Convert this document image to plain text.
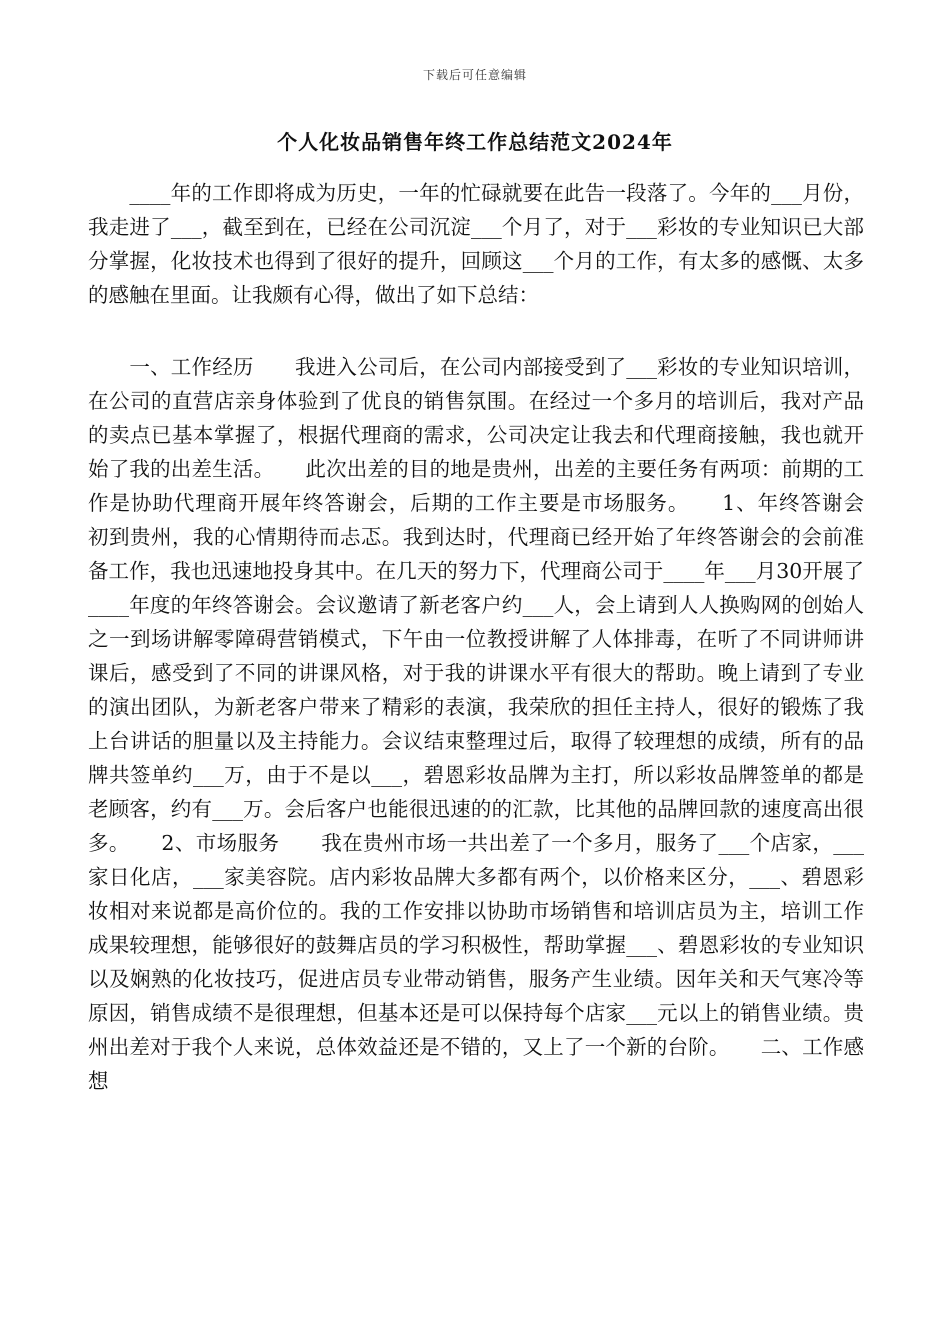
下载后可任意编辑
个人化妆品销售年终工作总结范文2024年

　　____年的工作即将成为历史，一年的忙碌就要在此告一段落了。今年的___月份，我走进了___，截至到在，已经在公司沉淀___个月了，对于___彩妆的专业知识已大部分掌握，化妆技术也得到了很好的提升，回顾这___个月的工作，有太多的感慨、太多的感触在里面。让我颇有心得，做出了如下总结：

　　一、工作经历　　我进入公司后，在公司内部接受到了___彩妆的专业知识培训，在公司的直营店亲身体验到了优良的销售氛围。在经过一个多月的培训后，我对产品的卖点已基本掌握了，根据代理商的需求，公司决定让我去和代理商接触，我也就开始了我的出差生活。　　此次出差的目的地是贵州，出差的主要任务有两项：前期的工作是协助代理商开展年终答谢会，后期的工作主要是市场服务。　　1、年终答谢会　　初到贵州，我的心情期待而忐忑。我到达时，代理商已经开始了年终答谢会的会前准备工作，我也迅速地投身其中。在几天的努力下，代理商公司于____年___月30开展了____年度的年终答谢会。会议邀请了新老客户约___人，会上请到人人换购网的创始人之一到场讲解零障碍营销模式，下午由一位教授讲解了人体排毒，在听了不同讲师讲课后，感受到了不同的讲课风格，对于我的讲课水平有很大的帮助。晚上请到了专业的演出团队，为新老客户带来了精彩的表演，我荣欣的担任主持人，很好的锻炼了我上台讲话的胆量以及主持能力。会议结束整理过后，取得了较理想的成绩，所有的品牌共签单约___万，由于不是以___，碧恩彩妆品牌为主打，所以彩妆品牌签单的都是老顾客，约有___万。会后客户也能很迅速的的汇款，比其他的品牌回款的速度高出很多。　　2、市场服务　　我在贵州市场一共出差了一个多月，服务了___个店家，___家日化店，___家美容院。店内彩妆品牌大多都有两个，以价格来区分，___、碧恩彩妆相对来说都是高价位的。我的工作安排以协助市场销售和培训店员为主，培训工作成果较理想，能够很好的鼓舞店员的学习积极性，帮助掌握___、碧恩彩妆的专业知识以及娴熟的化妆技巧，促进店员专业带动销售，服务产生业绩。因年关和天气寒冷等原因，销售成绩不是很理想，但基本还是可以保持每个店家___元以上的销售业绩。贵州出差对于我个人来说，总体效益还是不错的，又上了一个新的台阶。　　二、工作感想
